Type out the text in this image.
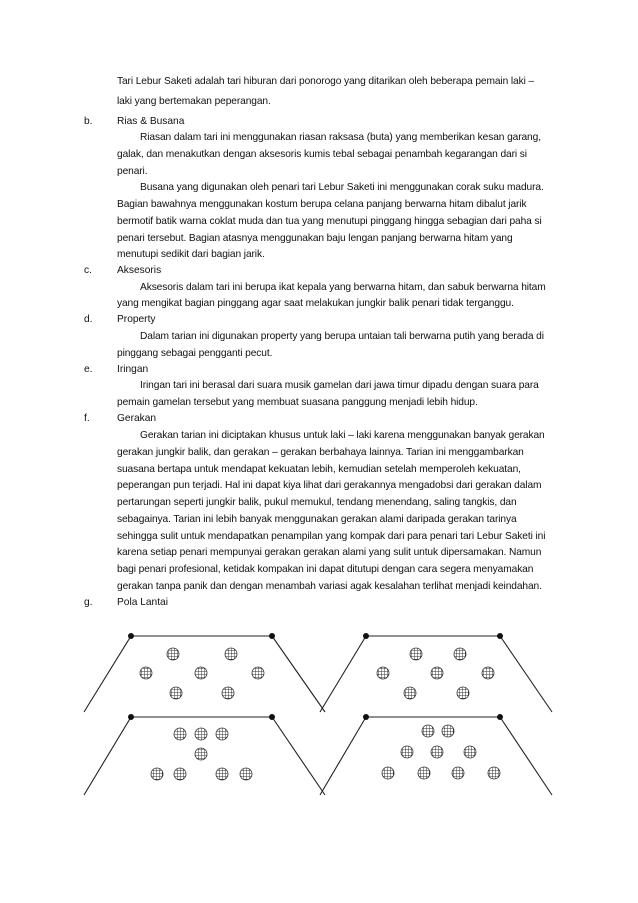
Tari Lebur Saketi adalah tari hiburan dari ponorogo yang ditarikan oleh beberapa pemain laki –
laki yang bertemakan peperangan.
b. Rias & Busana
Riasan dalam tari ini menggunakan riasan raksasa (buta) yang memberikan kesan garang,
galak, dan menakutkan dengan aksesoris kumis tebal sebagai penambah kegarangan dari si
penari.
Busana yang digunakan oleh penari tari Lebur Saketi ini menggunakan corak suku madura.
Bagian bawahnya menggunakan kostum berupa celana panjang berwarna hitam dibalut jarik
bermotif batik warna coklat muda dan tua yang menutupi pinggang hingga sebagian dari paha si
penari tersebut. Bagian atasnya menggunakan baju lengan panjang berwarna hitam yang
menutupi sedikit dari bagian jarik.
c. Aksesoris
Aksesoris dalam tari ini berupa ikat kepala yang berwarna hitam, dan sabuk berwarna hitam
yang mengikat bagian pinggang agar saat melakukan jungkir balik penari tidak terganggu.
d. Property
Dalam tarian ini digunakan property yang berupa untaian tali berwarna putih yang berada di
pinggang sebagai pengganti pecut.
e. Iringan
Iringan tari ini berasal dari suara musik gamelan dari jawa timur dipadu dengan suara para
pemain gamelan tersebut yang membuat suasana panggung menjadi lebih hidup.
f.	Gerakan
Gerakan tarian ini diciptakan khusus untuk laki – laki karena menggunakan banyak gerakan
gerakan jungkir balik, dan gerakan – gerakan berbahaya lainnya. Tarian ini menggambarkan
suasana bertapa untuk mendapat kekuatan lebih, kemudian setelah memperoleh kekuatan,
peperangan pun terjadi. Hal ini dapat kiya lihat dari gerakannya mengadobsi dari gerakan dalam
pertarungan seperti jungkir balik, pukul memukul, tendang menendang, saling tangkis, dan
sebagainya. Tarian ini lebih banyak menggunakan gerakan alami daripada gerakan tarinya
sehingga sulit untuk mendapatkan penampilan yang kompak dari para penari tari Lebur Saketi ini
karena setiap penari mempunyai gerakan gerakan alami yang sulit untuk dipersamakan. Namun
bagi penari profesional, ketidak kompakan ini dapat ditutupi dengan cara segera menyamakan
gerakan tanpa panik dan dengan menambah variasi agak kesalahan terlihat menjadi keindahan.
g. Pola Lantai
